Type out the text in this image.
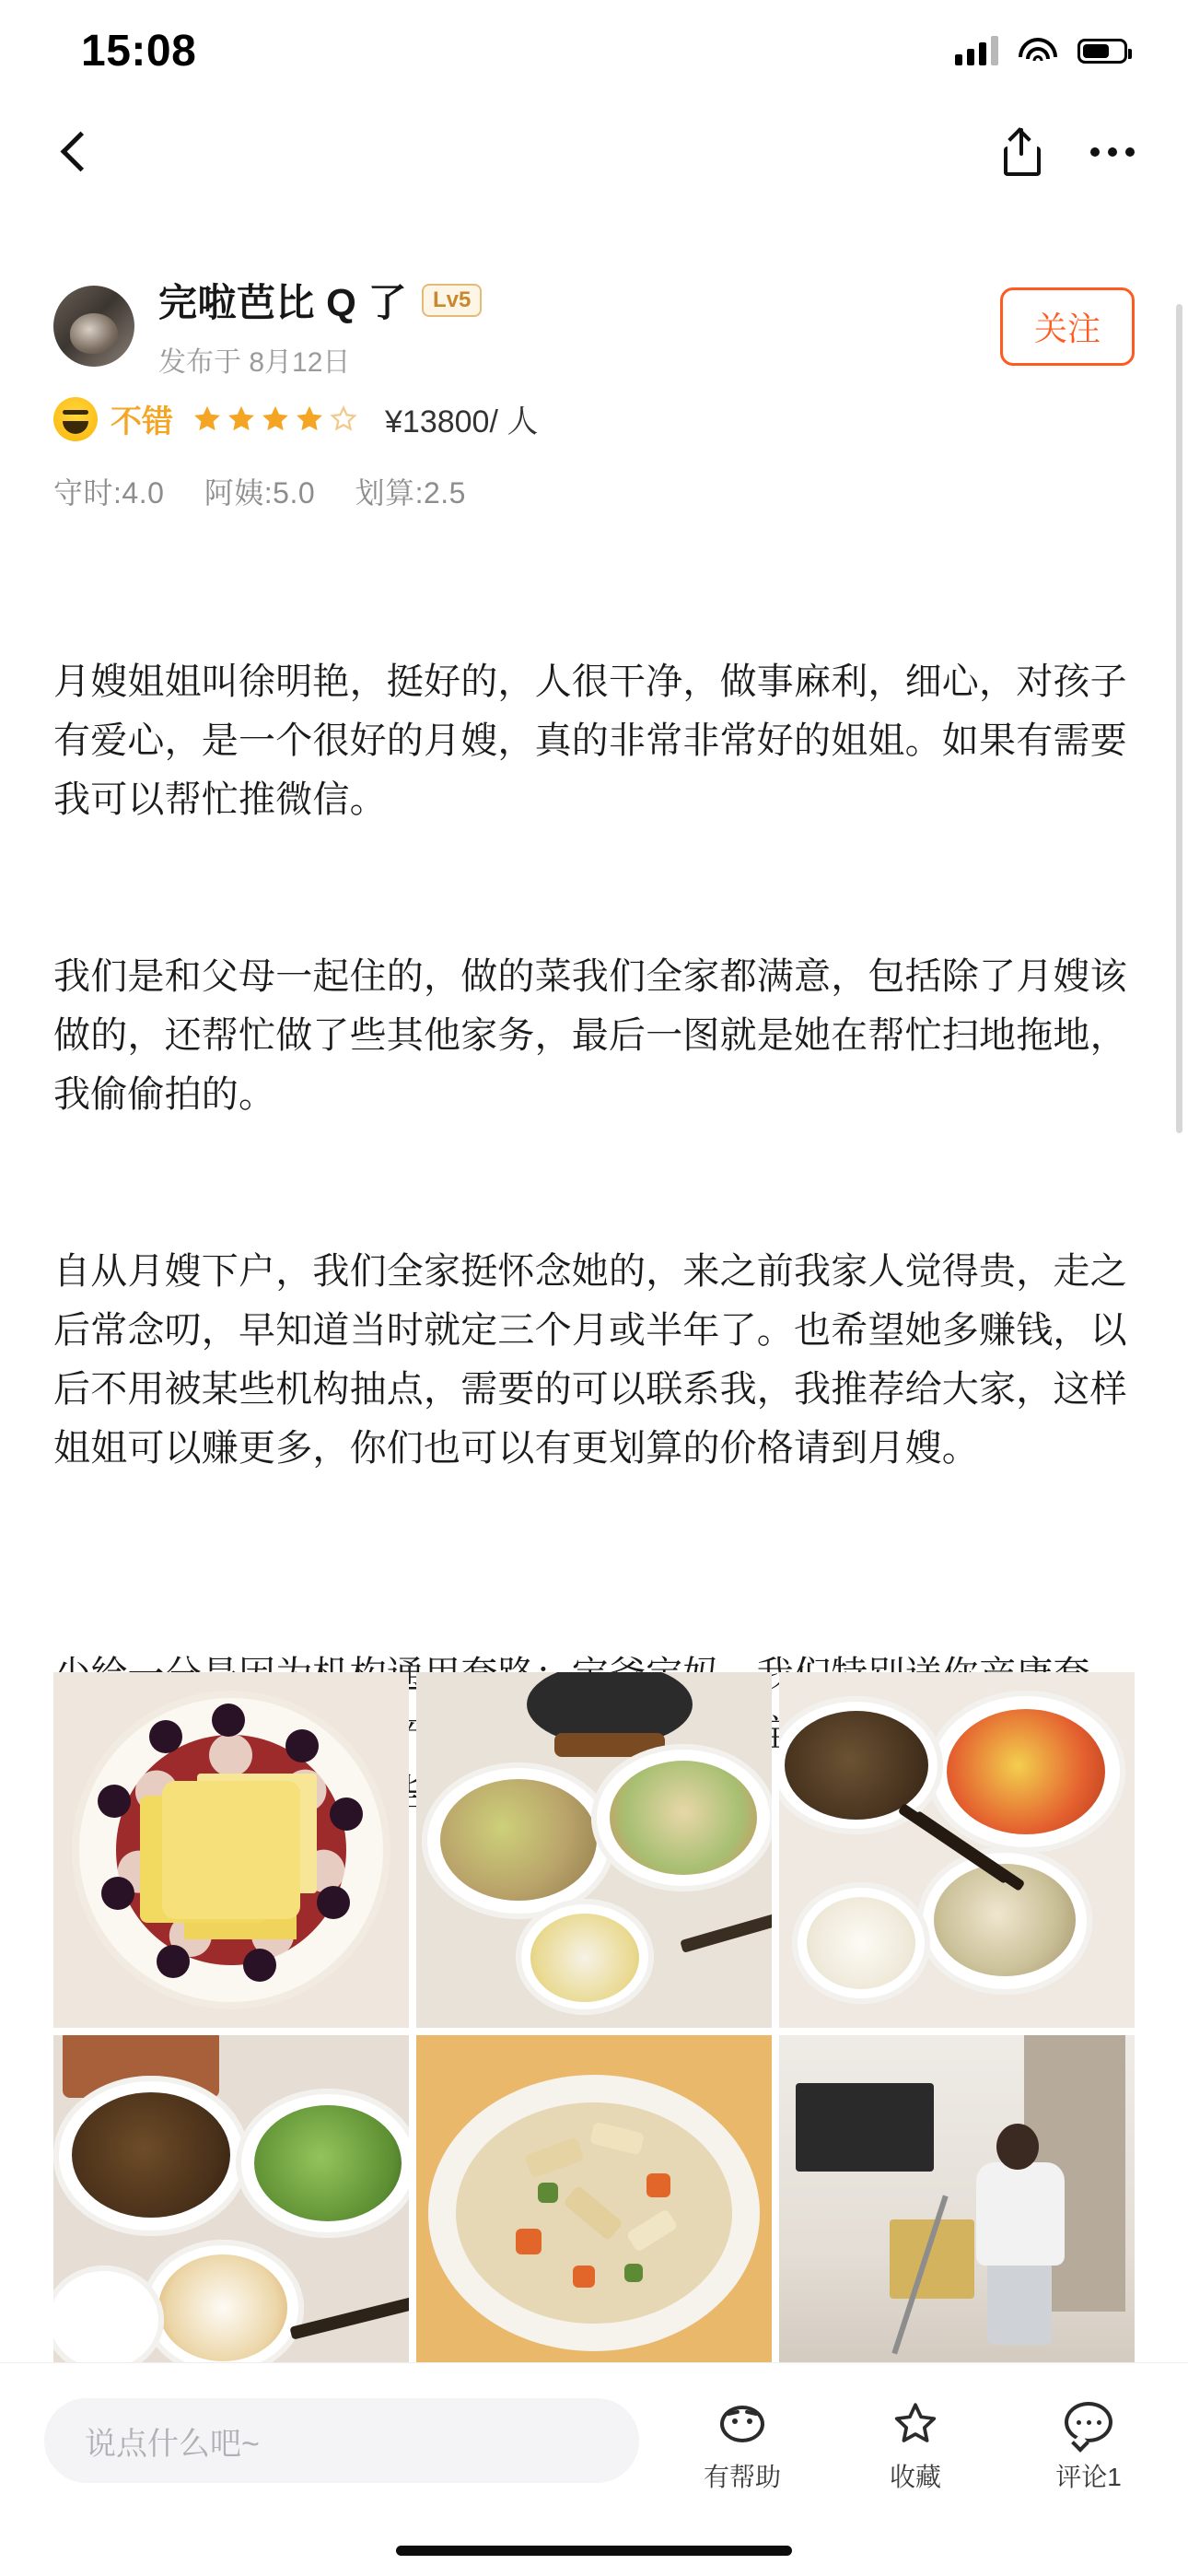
15:08
完啦芭比 Q 了	Lv5
发布于 8月12日
关注
不错	¥13800/ 人
守时:4.0 阿姨:5.0 划算:2.5

月嫂姐姐叫徐明艳，挺好的，人很干净，做事麻利，细心，对孩子有爱心，是一个很好的月嫂，真的非常非常好的姐姐。如果有需要我可以帮忙推微信。

我们是和父母一起住的，做的菜我们全家都满意，包括除了月嫂该做的，还帮忙做了些其他家务，最后一图就是她在帮忙扫地拖地，我偷偷拍的。

自从月嫂下户，我们全家挺怀念她的，来之前我家人觉得贵，走之后常念叨，早知道当时就定三个月或半年了。也希望她多赚钱，以后不用被某些机构抽点，需要的可以联系我，我推荐给大家，这样姐姐可以赚更多，你们也可以有更划算的价格请到月嫂。

说点什么吧~
有帮助	收藏	评论1
